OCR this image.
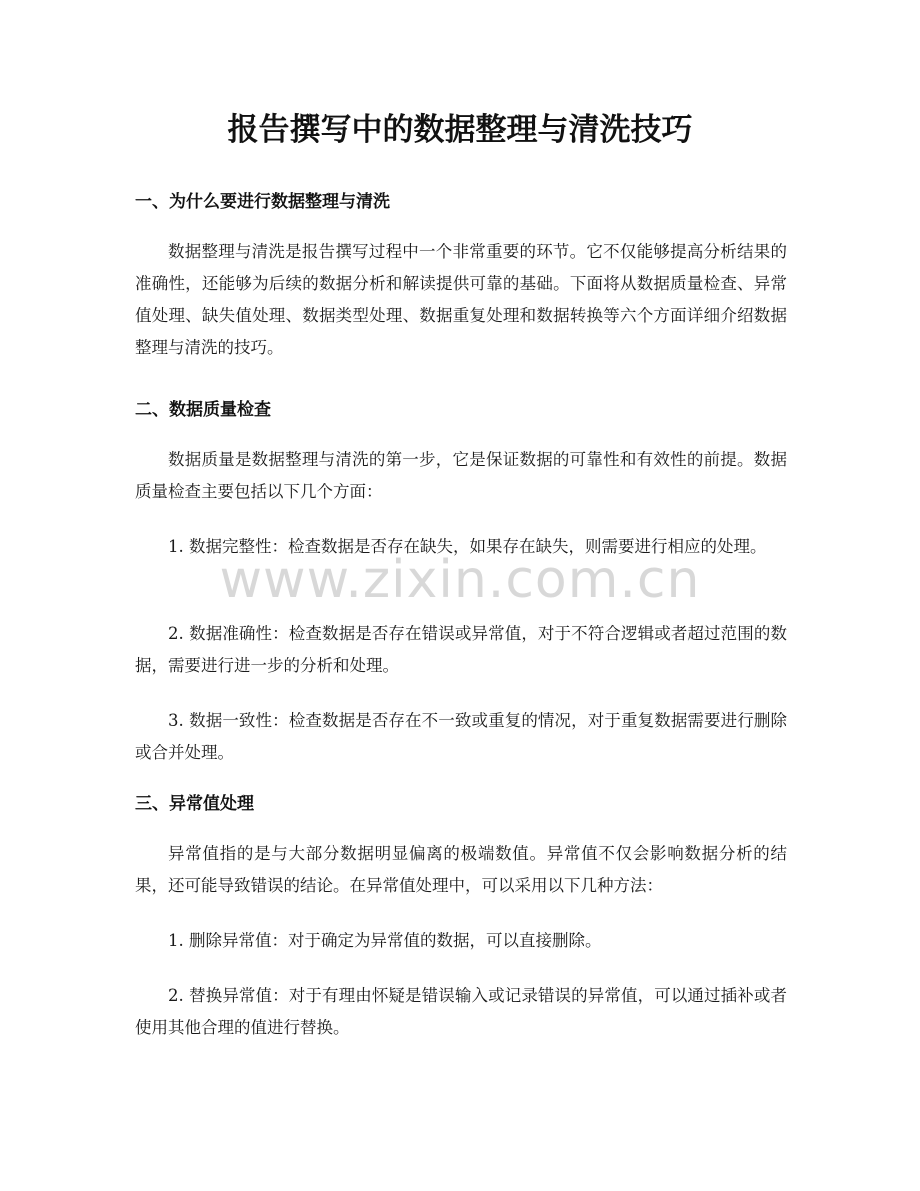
报告撰写中的数据整理与清洗技巧
一、为什么要进行数据整理与清洗

数据整理与清洗是报告撰写过程中一个非常重要的环节。它不仅能够提高分析结果的准确性，还能够为后续的数据分析和解读提供可靠的基础。下面将从数据质量检查、异常值处理、缺失值处理、数据类型处理、数据重复处理和数据转换等六个方面详细介绍数据整理与清洗的技巧。

二、数据质量检查

数据质量是数据整理与清洗的第一步，它是保证数据的可靠性和有效性的前提。数据质量检查主要包括以下几个方面：

1. 数据完整性：检查数据是否存在缺失，如果存在缺失，则需要进行相应的处理。

2. 数据准确性：检查数据是否存在错误或异常值，对于不符合逻辑或者超过范围的数据，需要进行进一步的分析和处理。

3. 数据一致性：检查数据是否存在不一致或重复的情况，对于重复数据需要进行删除或合并处理。

三、异常值处理

异常值指的是与大部分数据明显偏离的极端数值。异常值不仅会影响数据分析的结果，还可能导致错误的结论。在异常值处理中，可以采用以下几种方法：

1. 删除异常值：对于确定为异常值的数据，可以直接删除。

2. 替换异常值：对于有理由怀疑是错误输入或记录错误的异常值，可以通过插补或者使用其他合理的值进行替换。

www.zixin.com.cn
